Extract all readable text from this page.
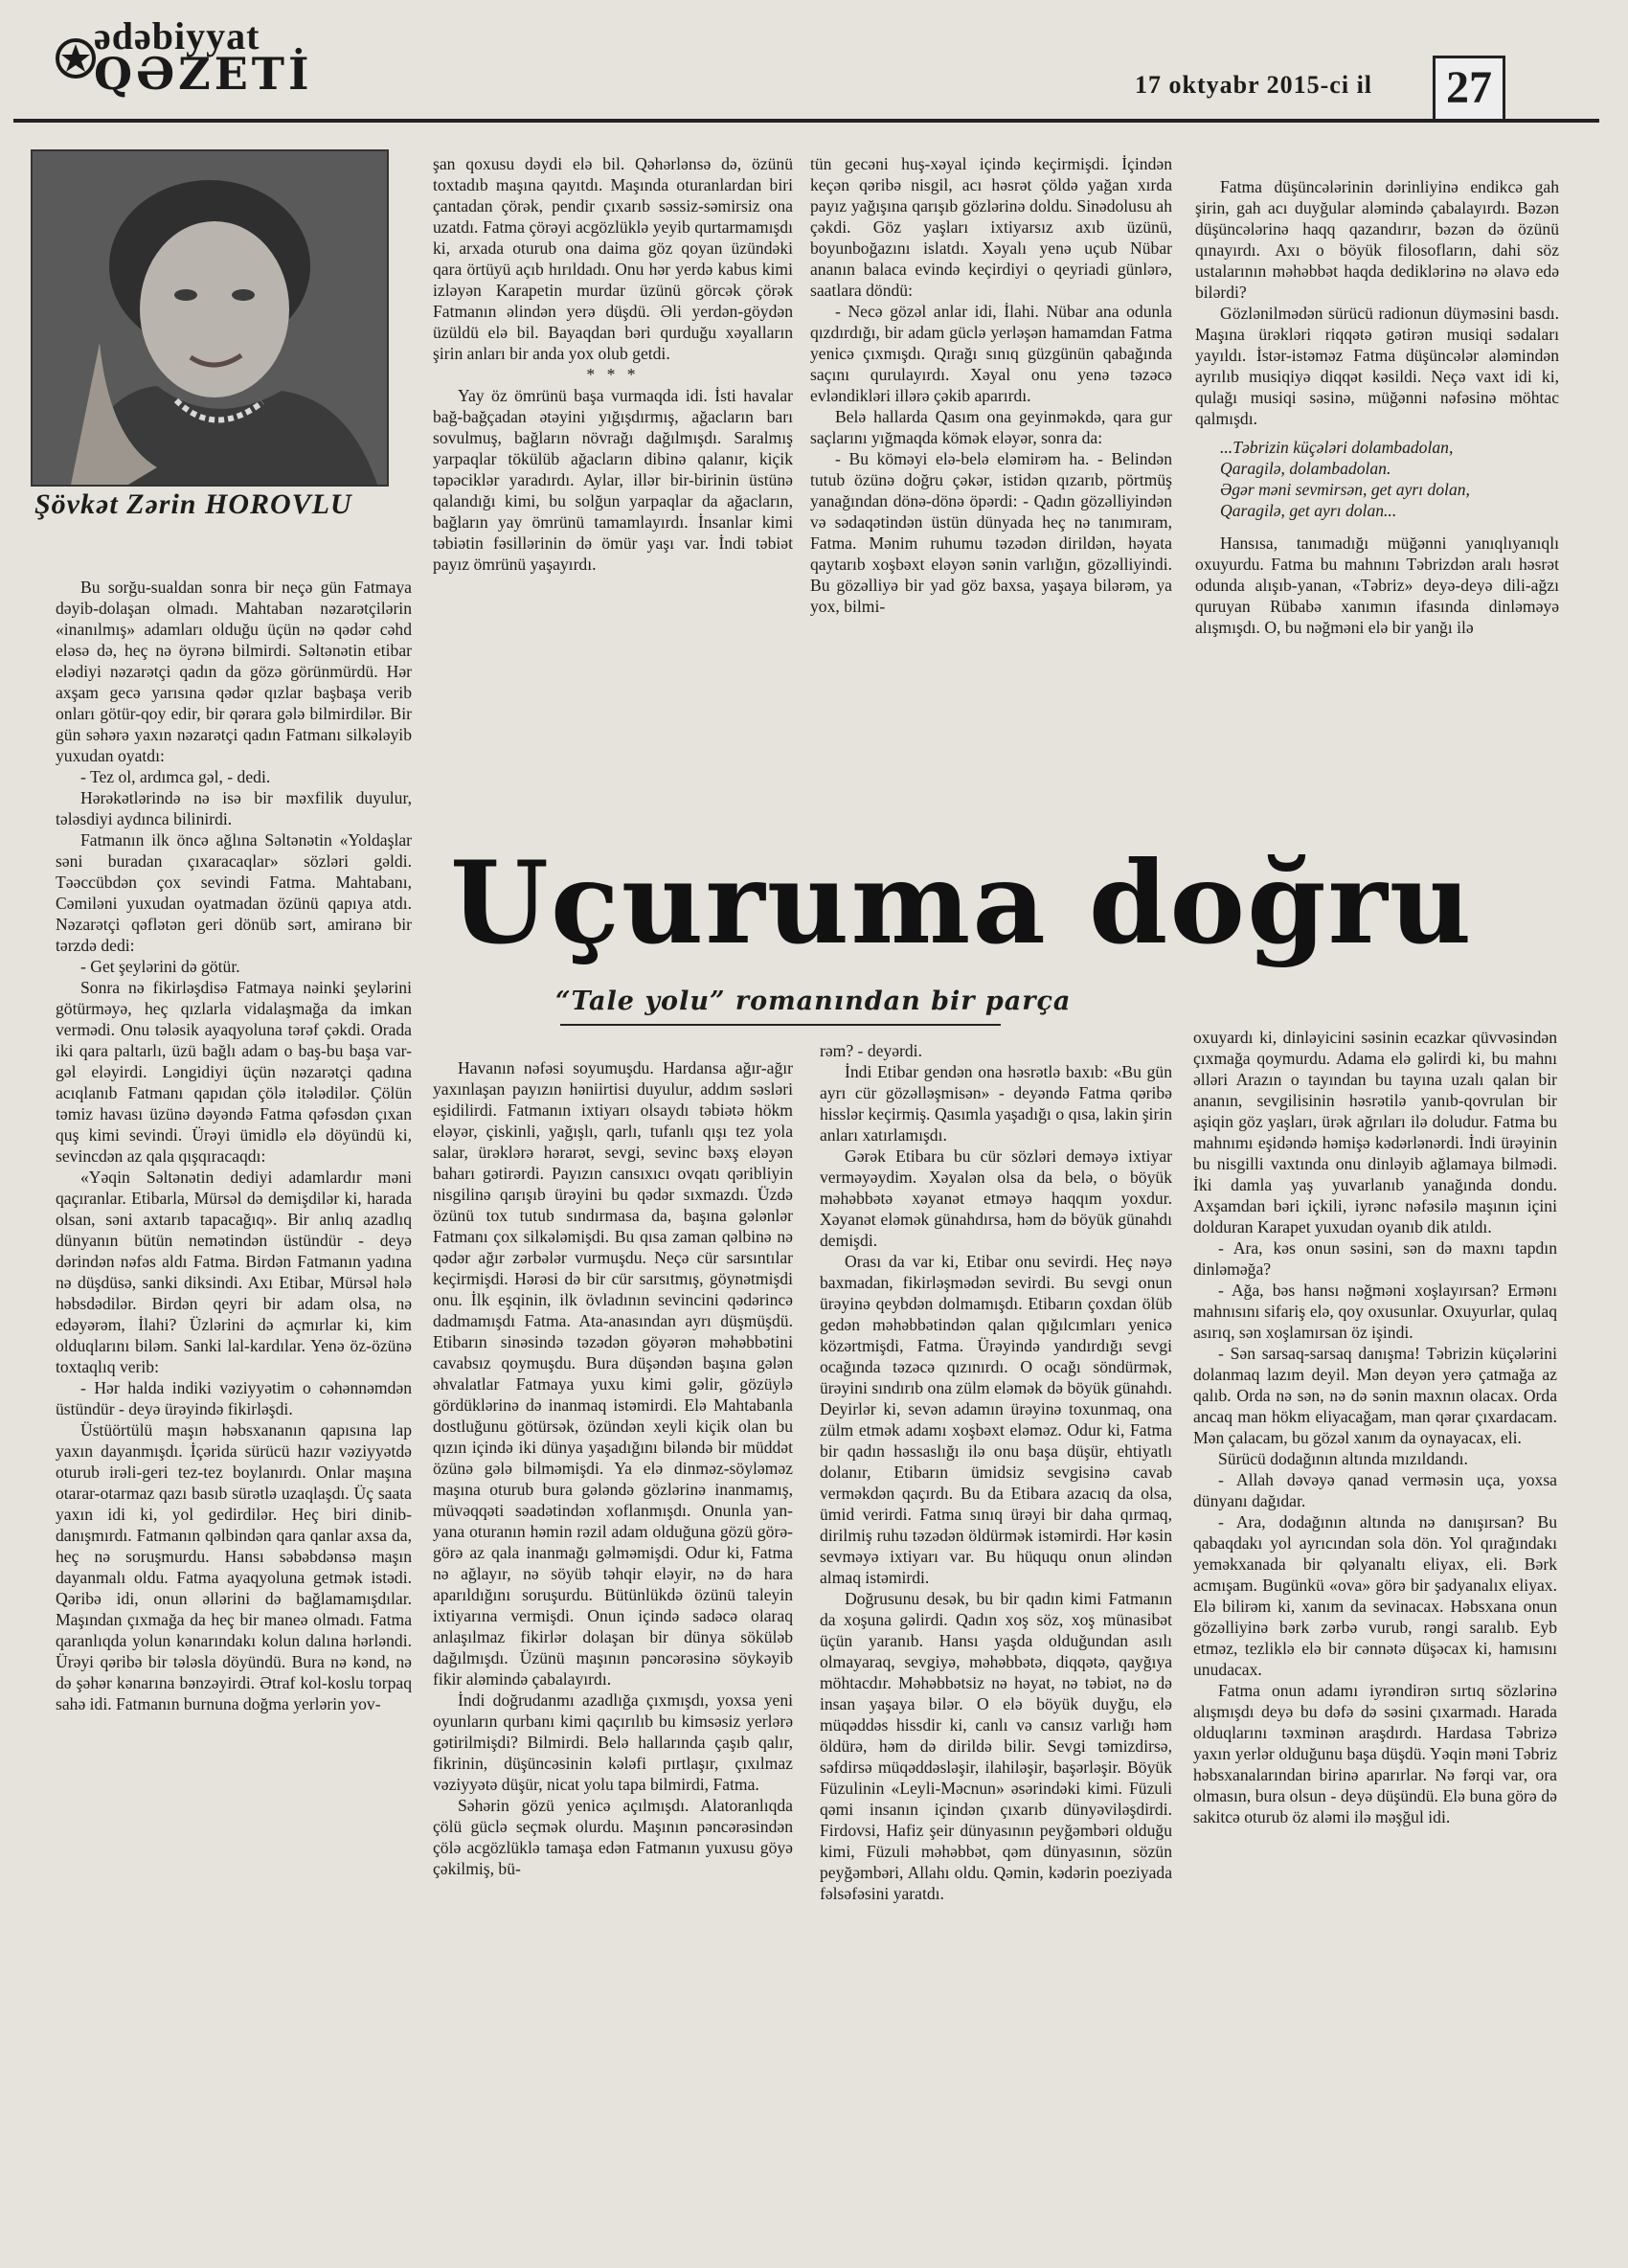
ədəbiyyat
QƏZETİ	17 oktyabr 2015-ci il 27
Şövkət Zərin HOROVLU

Bu sorğu-sualdan sonra bir neçə gün Fatmaya dəyib-dolaşan olmadı. Mahtaban nəzarətçilərin «inanılmış» adamları olduğu üçün nə qədər cəhd eləsə də, heç nə öyrənə bilmirdi. Səltənətin etibar elədiyi nəzarətçi qadın da gözə görünmürdü. Hər axşam gecə yarısına qədər qızlar başbaşa verib onları götür-qoy edir, bir qərara gələ bilmirdilər. Bir gün səhərə yaxın nəzarətçi qadın Fatmanı silkələyib yuxudan oyatdı:

- Tez ol, ardımca gəl, - dedi.

Hərəkətlərində nə isə bir məxfilik duyulur, tələsdiyi aydınca bilinirdi.

Fatmanın ilk öncə ağlına Səltənətin «Yoldaşlar səni buradan çıxaracaqlar» sözləri gəldi. Təəccübdən çox sevindi Fatma. Mahtabanı, Cəmiləni yuxudan oyatmadan özünü qapıya atdı. Nəzarətçi qəflətən geri dönüb sərt, amiranə bir tərzdə dedi:

- Get şeylərini də götür.

Sonra nə fikirləşdisə Fatmaya nəinki şeylərini götürməyə, heç qızlarla vidalaşmağa da imkan vermədi. Onu tələsik ayaqyoluna tərəf çəkdi. Orada iki qara paltarlı, üzü bağlı adam o baş-bu başa var-gəl eləyirdi. Ləngidiyi üçün nəzarətçi qadına acıqlanıb Fatmanı qapıdan çölə itələdilər. Çölün təmiz havası üzünə dəyəndə Fatma qəfəsdən çıxan quş kimi sevindi. Ürəyi ümidlə elə döyündü ki, sevincdən az qala qışqıracaqdı:

«Yəqin Səltənətin dediyi adamlardır məni qaçıranlar. Etibarla, Mürsəl də demişdilər ki, harada olsan, səni axtarıb tapacağıq». Bir anlıq azadlıq dünyanın bütün nemətindən üstündür - deyə dərindən nəfəs aldı Fatma. Birdən Fatmanın yadına nə düşdüsə, sanki diksindi. Axı Etibar, Mürsəl hələ həbsdədilər. Birdən qeyri bir adam olsa, nə edəyərəm, İlahi? Üzlərini də açmırlar ki, kim olduqlarını biləm. Sanki lal-kardılar. Yenə öz-özünə toxtaqlıq verib:

- Hər halda indiki vəziyyətim o cəhənnəmdən üstündür - deyə ürəyində fikirləşdi.

Üstüörtülü maşın həbsxananın qapısına lap yaxın dayanmışdı. İçərida sürücü hazır vəziyyətdə oturub irəli-geri tez-tez boylanırdı. Onlar maşına otarar-otarmaz qazı basıb sürətlə uzaqlaşdı. Üç saata yaxın idi ki, yol gedirdilər. Heç biri dinib-danışmırdı. Fatmanın qəlbindən qara qanlar axsa da, heç nə soruşmurdu. Hansı səbəbdənsə maşın dayanmalı oldu. Fatma ayaqyoluna getmək istədi. Qəribə idi, onun əllərini də bağlamamışdılar. Maşından çıxmağa da heç bir maneə olmadı. Fatma qaranlıqda yolun kənarındakı kolun dalına hərləndi. Ürəyi qəribə bir tələsla döyündü. Bura nə kənd, nə də şəhər kənarına bənzəyirdi. Ətraf kol-koslu torpaq sahə idi. Fatmanın burnuna doğma yerlərin yov-

şan qoxusu dəydi elə bil. Qəhərlənsə də, özünü toxtadıb maşına qayıtdı. Maşında oturanlardan biri çantadan çörək, pendir çıxarıb səssiz-səmirsiz ona uzatdı. Fatma çörəyi acgözlüklə yeyib qurtarmamışdı ki, arxada oturub ona daima göz qoyan üzündəki qara örtüyü açıb hırıldadı. Onu hər yerdə kabus kimi izləyən Karapetin murdar üzünü görcək çörək Fatmanın əlindən yerə düşdü. Əli yerdən-göydən üzüldü elə bil. Bayaqdan bəri qurduğu xəyalların şirin anları bir anda yox olub getdi.

* * *

Yay öz ömrünü başa vurmaqda idi. İsti havalar bağ-bağçadan ətəyini yığışdırmış, ağacların barı sovulmuş, bağların növrağı dağılmışdı. Saralmış yarpaqlar tökülüb ağacların dibinə qalanır, kiçik təpəciklər yaradırdı. Aylar, illər bir-birinin üstünə qalandığı kimi, bu solğun yarpaqlar da ağacların, bağların yay ömrünü tamamlayırdı. İnsanlar kimi təbiətin fəsillərinin də ömür yaşı var. İndi təbiət payız ömrünü yaşayırdı.

tün gecəni huş-xəyal içində keçirmişdi. İçindən keçən qəribə nisgil, acı həsrət çöldə yağan xırda payız yağışına qarışıb gözlərinə doldu. Sinədolusu ah çəkdi. Göz yaşları ixtiyarsız axıb üzünü, boyunboğazını islatdı. Xəyalı yenə uçub Nübar ananın balaca evində keçirdiyi o qeyriadi günlərə, saatlara döndü:

- Necə gözəl anlar idi, İlahi. Nübar ana odunla qızdırdığı, bir adam güclə yerləşən hamamdan Fatma yenicə çıxmışdı. Qırağı sınıq güzgünün qabağında saçını qurulayırdı. Xəyal onu yenə təzəcə evləndikləri illərə çəkib aparırdı.

Belə hallarda Qasım ona geyinməkdə, qara gur saçlarını yığmaqda kömək eləyər, sonra da:

- Bu köməyi elə-belə eləmirəm ha. - Belindən tutub özünə doğru çəkər, istidən qızarıb, pörtmüş yanağından dönə-dönə öpərdi: - Qadın gözəlliyindən və sədaqətindən üstün dünyada heç nə tanımıram, Fatma. Mənim ruhumu təzədən dirildən, həyata qaytarıb xoşbəxt eləyən sənin varlığın, gözəlliyindi. Bu gözəlliyə bir yad göz baxsa, yaşaya bilərəm, ya yox, bilmi-

Fatma düşüncələrinin dərinliyinə endikcə gah şirin, gah acı duyğular aləmində çabalayırdı. Bəzən düşüncələrinə haqq qazandırır, bəzən də özünü qınayırdı. Axı o böyük filosofların, dahi söz ustalarının məhəbbət haqda dediklərinə nə əlavə edə bilərdi?

Gözlənilmədən sürücü radionun düyməsini basdı. Maşına ürəkləri riqqətə gətirən musiqi sədaları yayıldı. İstər-istəməz Fatma düşüncələr aləmindən ayrılıb musiqiyə diqqət kəsildi. Neçə vaxt idi ki, qulağı musiqi səsinə, müğənni nəfəsinə möhtac qalmışdı.

...Təbrizin küçələri dolambadolan,
Qaragilə, dolambadolan.
Əgər məni sevmirsən, get ayrı dolan,
Qaragilə, get ayrı dolan...

Hansısa, tanımadığı müğənni yanıqlıyanıqlı oxuyurdu. Fatma bu mahnını Təbrizdən aralı həsrət odunda alışıb-yanan, «Təbriz» deyə-deyə dili-ağzı quruyan Rübabə xanımın ifasında dinləməyə alışmışdı. O, bu nəğməni elə bir yanğı ilə

Uçuruma doğru
“Tale yolu” romanından bir parça

Havanın nəfəsi soyumuşdu. Hardansa ağır-ağır yaxınlaşan payızın həniirtisi duyulur, addım səsləri eşidilirdi. Fatmanın ixtiyarı olsaydı təbiətə hökm eləyər, çiskinli, yağışlı, qarlı, tufanlı qışı tez yola salar, ürəklərə hərarət, sevgi, sevinc bəxş eləyən baharı gətirərdi. Payızın cansıxıcı ovqatı qəribliyin nisgilinə qarışıb ürəyini bu qədər sıxmazdı. Üzdə özünü tox tutub sındırmasa da, başına gələnlər Fatmanı çox silkələmişdi. Bu qısa zaman qəlbinə nə qədər ağır zərbələr vurmuşdu. Neçə cür sarsıntılar keçirmişdi. Hərəsi də bir cür sarsıtmış, göynətmişdi onu. İlk eşqinin, ilk övladının sevincini qədərincə dadmamışdı Fatma. Ata-anasından ayrı düşmüşdü. Etibarın sinəsində təzədən göyərən məhəbbətini cavabsız qoymuşdu. Bura düşəndən başına gələn əhvalatlar Fatmaya yuxu kimi gəlir, gözüylə gördüklərinə də inanmaq istəmirdi. Elə Mahtabanla dostluğunu götürsək, özündən xeyli kiçik olan bu qızın içində iki dünya yaşadığını biləndə bir müddət özünə gələ bilməmişdi. Ya elə dinməz-söyləməz maşına oturub bura gələndə gözlərinə inanmamış, müvəqqəti səadətindən xoflanmışdı. Onunla yan-yana oturanın həmin rəzil adam olduğuna gözü görə-görə az qala inanmağı gəlməmişdi. Odur ki, Fatma nə ağlayır, nə söyüb təhqir eləyir, nə də hara aparıldığını soruşurdu. Bütünlükdə özünü taleyin ixtiyarına vermişdi. Onun içində sadəcə olaraq anlaşılmaz fikirlər dolaşan bir dünya söküləb dağılmışdı. Üzünü maşının pəncərəsinə söykəyib fikir aləmində çabalayırdı.

İndi doğrudanmı azadlığa çıxmışdı, yoxsa yeni oyunların qurbanı kimi qaçırılıb bu kimsəsiz yerlərə gətirilmişdi? Bilmirdi. Belə hallarında çaşıb qalır, fikrinin, düşüncəsinin kələfi pırtlaşır, çıxılmaz vəziyyətə düşür, nicat yolu tapa bilmirdi, Fatma.

Səhərin gözü yenicə açılmışdı. Alatoranlıqda çölü güclə seçmək olurdu. Maşının pəncərəsindən çölə acgözlüklə tamaşa edən Fatmanın yuxusu göyə çəkilmiş, bü-

rəm? - deyərdi.

İndi Etibar gendən ona həsrətlə baxıb: «Bu gün ayrı cür gözəlləşmisən» - deyəndə Fatma qəribə hisslər keçirmiş. Qasımla yaşadığı o qısa, lakin şirin anları xatırlamışdı.

Gərək Etibara bu cür sözləri deməyə ixtiyar verməyəydim. Xəyalən olsa da belə, o böyük məhəbbətə xəyanət etməyə haqqım yoxdur. Xəyanət eləmək günahdırsa, həm də böyük günahdı demişdi.

Orası da var ki, Etibar onu sevirdi. Heç nəyə baxmadan, fikirləşmədən sevirdi. Bu sevgi onun ürəyinə qeybdən dolmamışdı. Etibarın çoxdan ölüb gedən məhəbbətindən qalan qığılcımları yenicə közərtmişdi, Fatma. Ürəyində yandırdığı sevgi ocağında təzəcə qızınırdı. O ocağı söndürmək, ürəyini sındırıb ona zülm eləmək də böyük günahdı. Deyirlər ki, sevən adamın ürəyinə toxunmaq, ona zülm etmək adamı xoşbəxt eləməz. Odur ki, Fatma bir qadın həssaslığı ilə onu başa düşür, ehtiyatlı dolanır, Etibarın ümidsiz sevgisinə cavab verməkdən qaçırdı. Bu da Etibara azacıq da olsa, ümid verirdi. Fatma sınıq ürəyi bir daha qırmaq, dirilmiş ruhu təzədən öldürmək istəmirdi. Hər kəsin sevməyə ixtiyarı var. Bu hüququ onun əlindən almaq istəmirdi.

Doğrusunu desək, bu bir qadın kimi Fatmanın da xoşuna gəlirdi. Qadın xoş söz, xoş münasibət üçün yaranıb. Hansı yaşda olduğundan asılı olmayaraq, sevgiyə, məhəbbətə, diqqətə, qayğıya möhtacdır. Məhəbbətsiz nə həyat, nə təbiət, nə də insan yaşaya bilər. O elə böyük duyğu, elə müqəddəs hissdir ki, canlı və cansız varlığı həm öldürə, həm də dirildə bilir. Sevgi təmizdirsə, səfdirsə müqəddəsləşir, ilahiləşir, başərləşir. Böyük Füzulinin «Leyli-Məcnun» əsərindəki kimi. Füzuli qəmi insanın içindən çıxarıb dünyəviləşdirdi. Firdovsi, Hafiz şeir dünyasının peyğəmbəri olduğu kimi, Füzuli məhəbbət, qəm dünyasının, sözün peyğəmbəri, Allahı oldu. Qəmin, kədərin poeziyada fəlsəfəsini yaratdı.

oxuyardı ki, dinləyicini səsinin ecazkar qüvvəsindən çıxmağa qoymurdu. Adama elə gəlirdi ki, bu mahnı əlləri Arazın o tayından bu tayına uzalı qalan bir ananın, sevgilisinin həsrətilə yanıb-qovrulan bir aşiqin göz yaşları, ürək ağrıları ilə doludur. Fatma bu mahnımı eşidəndə həmişə kədərlənərdi. İndi ürəyinin bu nisgilli vaxtında onu dinləyib ağlamaya bilmədi. İki damla yaş yuvarlanıb yanağında dondu. Axşamdan bəri içkili, iyrənc nəfəsilə maşının içini dolduran Karapet yuxudan oyanıb dik atıldı.

- Ara, kəs onun səsini, sən də maxnı tapdın dinləməğa?

- Ağa, bəs hansı nəğməni xoşlayırsan? Ermənı mahnısını sifariş elə, qoy oxusunlar. Oxuyurlar, qulaq asırıq, sən xoşlamırsan öz işindi.

- Sən sarsaq-sarsaq danışma! Təbrizin küçələrini dolanmaq lazım deyil. Mən deyən yerə çatmağa az qalıb. Orda nə sən, nə də sənin maxnın olacax. Orda ancaq man hökm eliyacağam, man qərar çıxardacam. Mən çalacam, bu gözəl xanım da oynayacax, eli.

Sürücü dodağının altında mızıldandı.

- Allah dəvəyə qanad verməsin uça, yoxsa dünyanı dağıdar.

- Ara, dodağının altında nə danışırsan? Bu qabaqdakı yol ayrıcından sola dön. Yol qırağındakı yeməkxanada bir qəlyanaltı eliyax, eli. Bərk acmışam. Bugünkü «ova» görə bir şadyanalıx eliyax. Elə bilirəm ki, xanım da sevinacax. Həbsxana onun gözəlliyinə bərk zərbə vurub, rəngi saralıb. Eyb etməz, tezliklə elə bir cənnətə düşəcax ki, hamısını unudacax.

Fatma onun adamı iyrəndirən sırtıq sözlərinə alışmışdı deyə bu dəfə də səsini çıxarmadı. Harada olduqlarını təxminən araşdırdı. Hardasa Təbrizə yaxın yerlər olduğunu başa düşdü. Yəqin məni Təbriz həbsxanalarından birinə aparırlar. Nə fərqi var, ora olmasın, bura olsun - deyə düşündü. Elə buna görə də sakitcə oturub öz aləmi ilə məşğul idi.
